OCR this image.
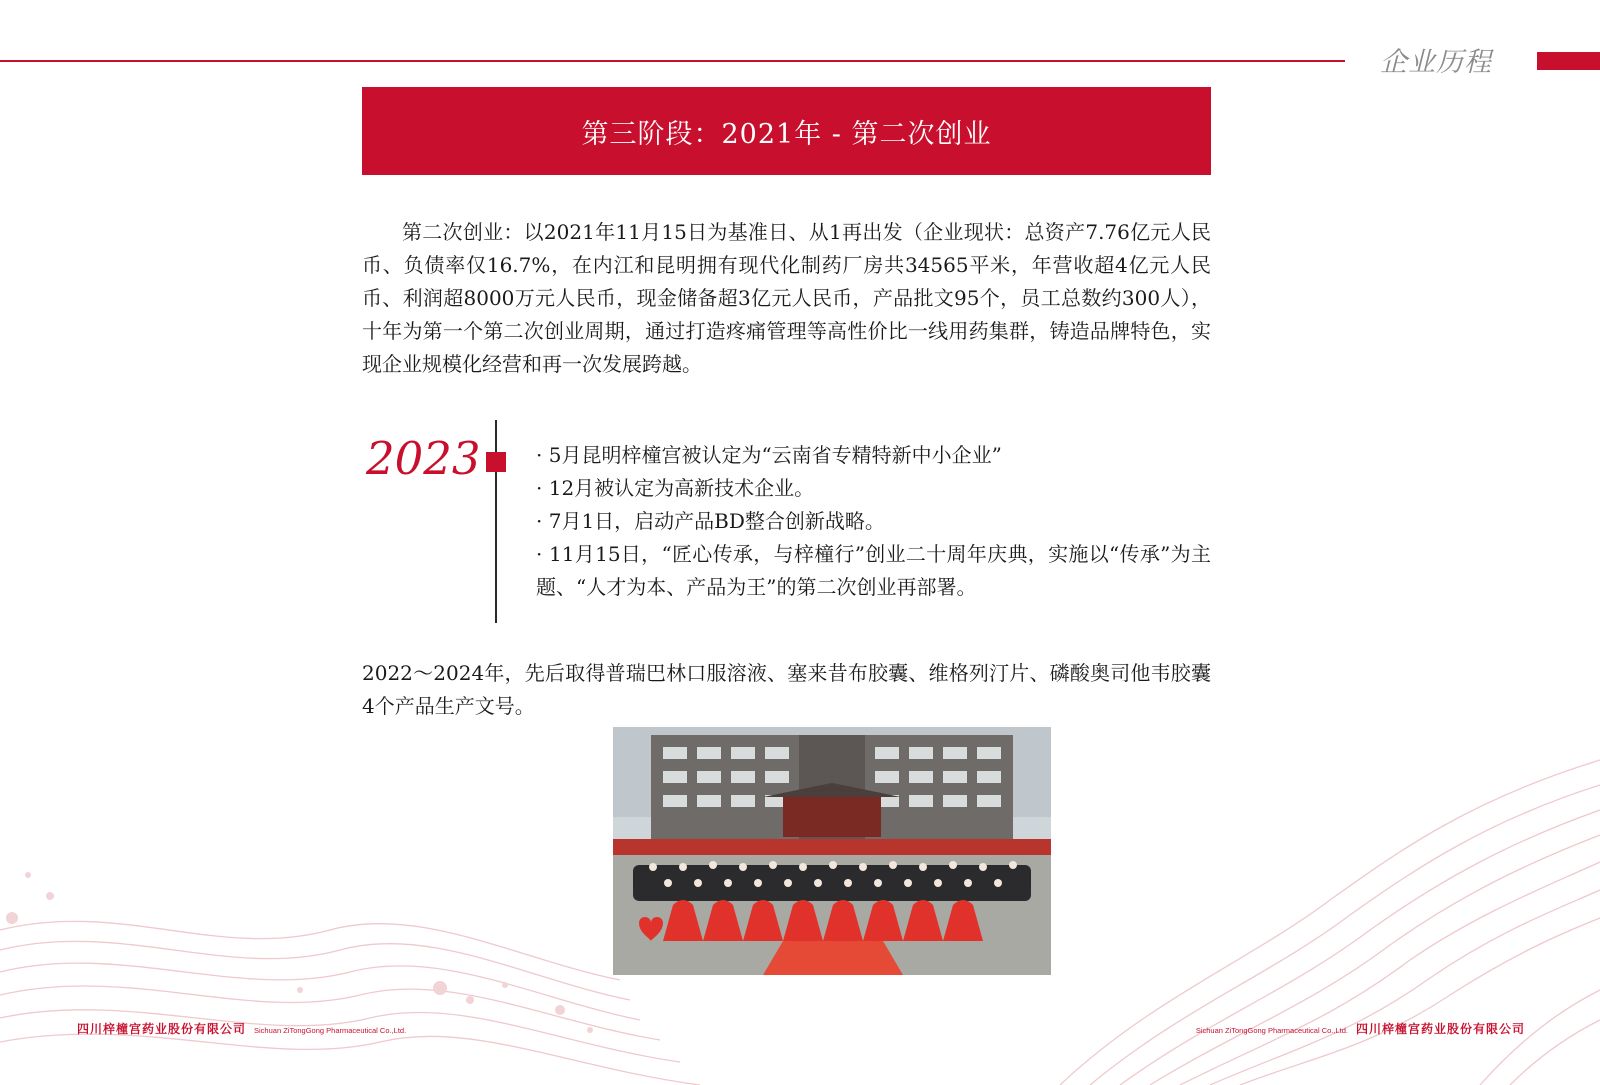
企业历程
第三阶段：2021年 - 第二次创业

第二次创业：以2021年11月15日为基准日、从1再出发（企业现状：总资产7.76亿元人民币、负债率仅16.7%，在内江和昆明拥有现代化制药厂房共34565平米，年营收超4亿元人民币、利润超8000万元人民币，现金储备超3亿元人民币，产品批文95个，员工总数约300人），十年为第一个第二次创业周期，通过打造疼痛管理等高性价比一线用药集群，铸造品牌特色，实现企业规模化经营和再一次发展跨越。

2023	· 5月昆明梓橦宫被认定为“云南省专精特新中小企业”
· 12月被认定为高新技术企业。
· 7月1日，启动产品BD整合创新战略。
· 11月15日，“匠心传承，与梓橦行”创业二十周年庆典，实施以“传承”为主题、“人才为本、产品为王”的第二次创业再部署。

2022～2024年，先后取得普瑞巴林口服溶液、塞来昔布胶囊、维格列汀片、磷酸奥司他韦胶囊4个产品生产文号。

四川梓橦宫药业股份有限公司 Sichuan ZiTongGong Pharmaceutical Co.,Ltd.	Sichuan ZiTongGong Pharmaceutical Co.,Ltd. 四川梓橦宫药业股份有限公司
